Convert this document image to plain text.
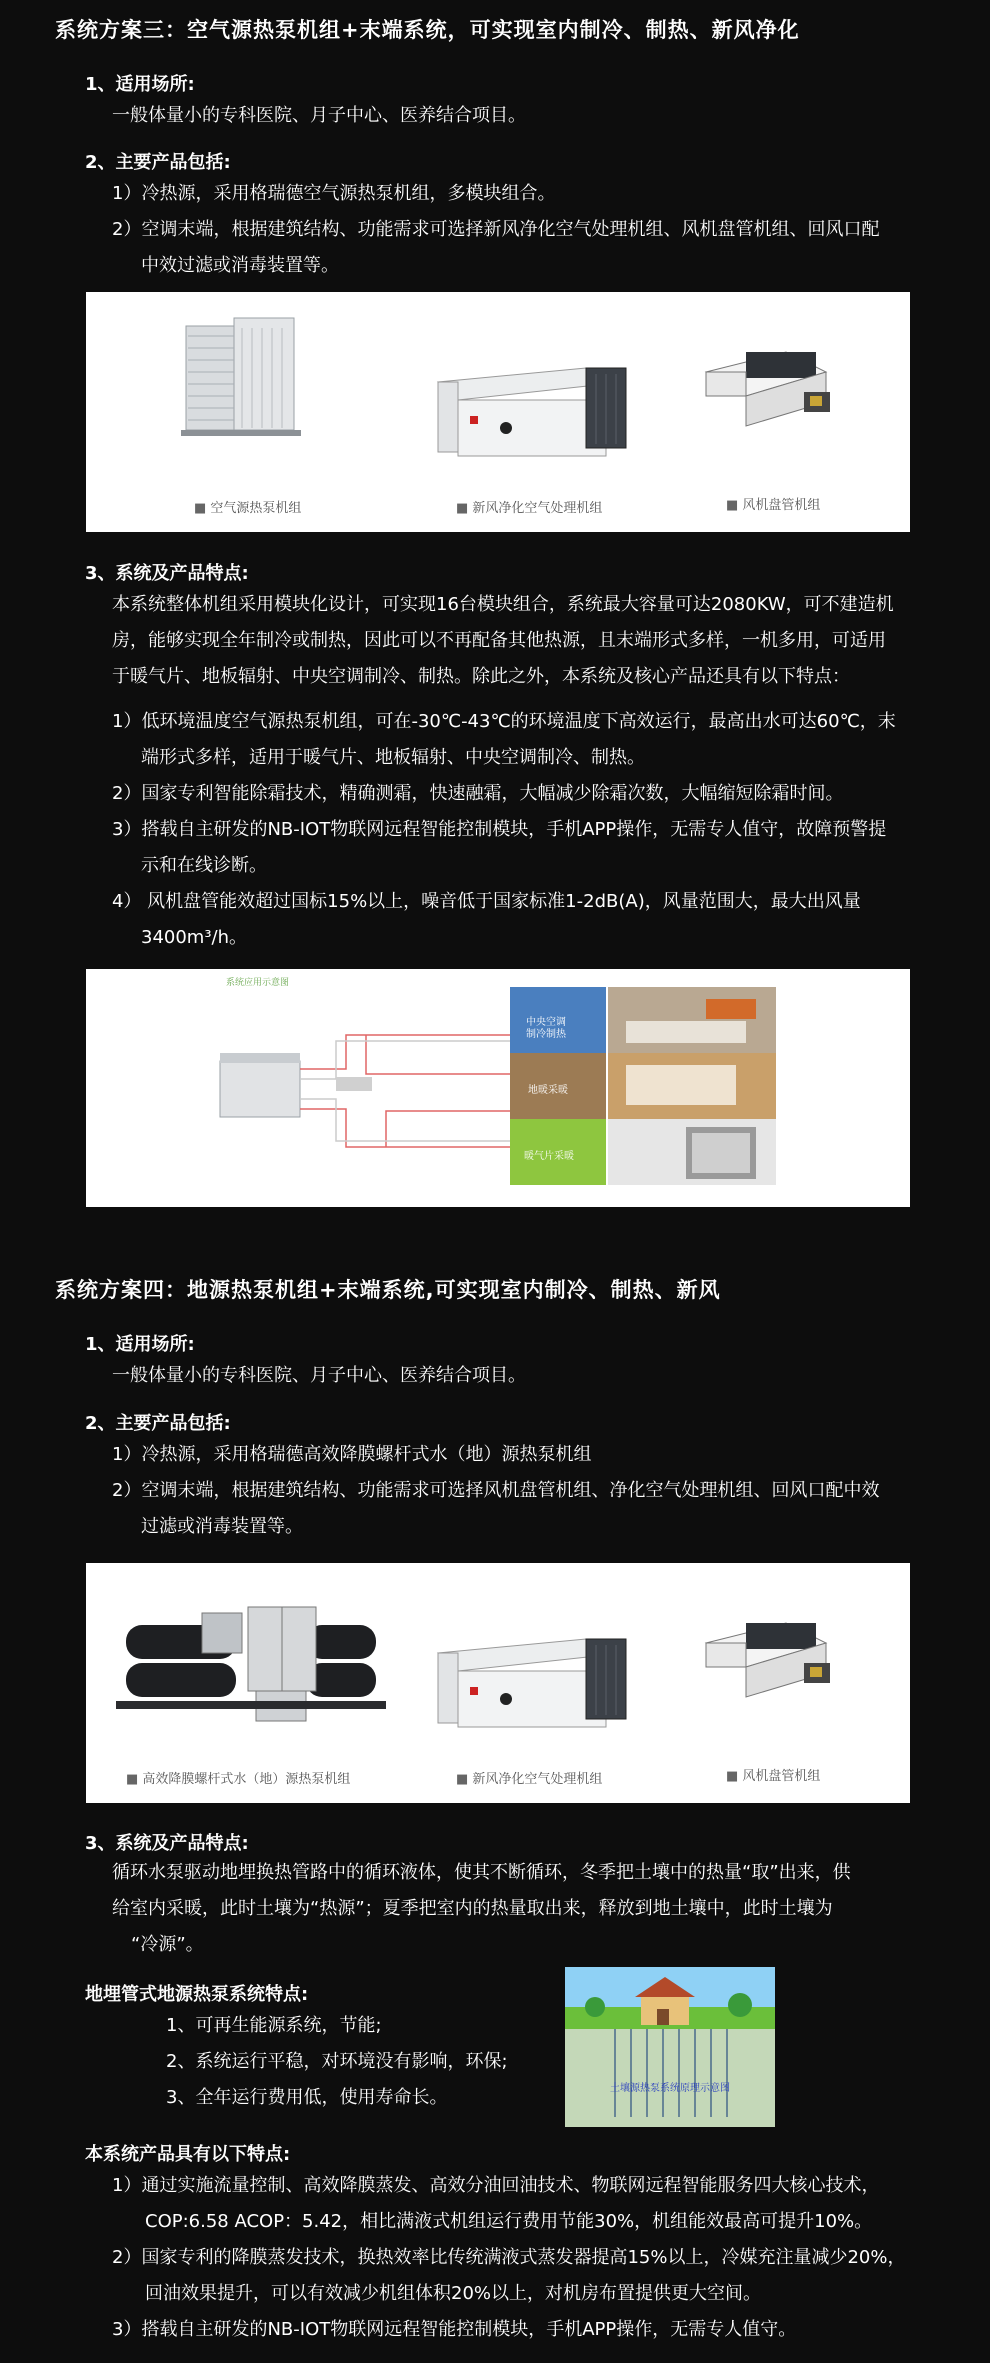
系统方案三：空气源热泵机组+末端系统，可实现室内制冷、制热、新风净化
1、适用场所:
一般体量小的专科医院、月子中心、医养结合项目。
2、主要产品包括:
1）冷热源，采用格瑞德空气源热泵机组，多模块组合。
2）空调末端，根据建筑结构、功能需求可选择新风净化空气处理机组、风机盘管机组、回风口配
中效过滤或消毒装置等。
■ 空气源热泵机组	■ 新风净化空气处理机组	■ 风机盘管机组
3、系统及产品特点:
本系统整体机组采用模块化设计，可实现16台模块组合，系统最大容量可达2080KW，可不建造机
房，能够实现全年制冷或制热，因此可以不再配备其他热源，且末端形式多样，一机多用，可适用
于暖气片、地板辐射、中央空调制冷、制热。除此之外，本系统及核心产品还具有以下特点：
1）低环境温度空气源热泵机组，可在-30℃-43℃的环境温度下高效运行，最高出水可达60℃，末
端形式多样，适用于暖气片、地板辐射、中央空调制冷、制热。
2）国家专利智能除霜技术，精确测霜，快速融霜，大幅减少除霜次数，大幅缩短除霜时间。
3）搭载自主研发的NB-IOT物联网远程智能控制模块，手机APP操作，无需专人值守，故障预警提
示和在线诊断。
4） 风机盘管能效超过国标15%以上，噪音低于国家标准1-2dB(A)，风量范围大，最大出风量
3400m³/h。
系统应用示意图
中央空调
制冷制热
地暖采暖
暖气片采暖
系统方案四：地源热泵机组+末端系统,可实现室内制冷、制热、新风
1、适用场所:
一般体量小的专科医院、月子中心、医养结合项目。
2、主要产品包括:
1）冷热源，采用格瑞德高效降膜螺杆式水（地）源热泵机组
2）空调末端，根据建筑结构、功能需求可选择风机盘管机组、净化空气处理机组、回风口配中效
过滤或消毒装置等。
■ 高效降膜螺杆式水（地）源热泵机组	■ 新风净化空气处理机组	■ 风机盘管机组
3、系统及产品特点:
循环水泵驱动地埋换热管路中的循环液体，使其不断循环，冬季把土壤中的热量“取”出来，供
给室内采暖，此时土壤为“热源”；夏季把室内的热量取出来，释放到地土壤中，此时土壤为
“冷源”。
地埋管式地源热泵系统特点:
1、可再生能源系统，节能;
2、系统运行平稳，对环境没有影响，环保;
3、全年运行费用低，使用寿命长。	土壤源热泵系统原理示意图
本系统产品具有以下特点:
1）通过实施流量控制、高效降膜蒸发、高效分油回油技术、物联网远程智能服务四大核心技术，
COP:6.58 ACOP：5.42，相比满液式机组运行费用节能30%，机组能效最高可提升10%。
2）国家专利的降膜蒸发技术，换热效率比传统满液式蒸发器提高15%以上，冷媒充注量减少20%，
回油效果提升，可以有效减少机组体积20%以上，对机房布置提供更大空间。
3）搭载自主研发的NB-IOT物联网远程智能控制模块，手机APP操作，无需专人值守。
